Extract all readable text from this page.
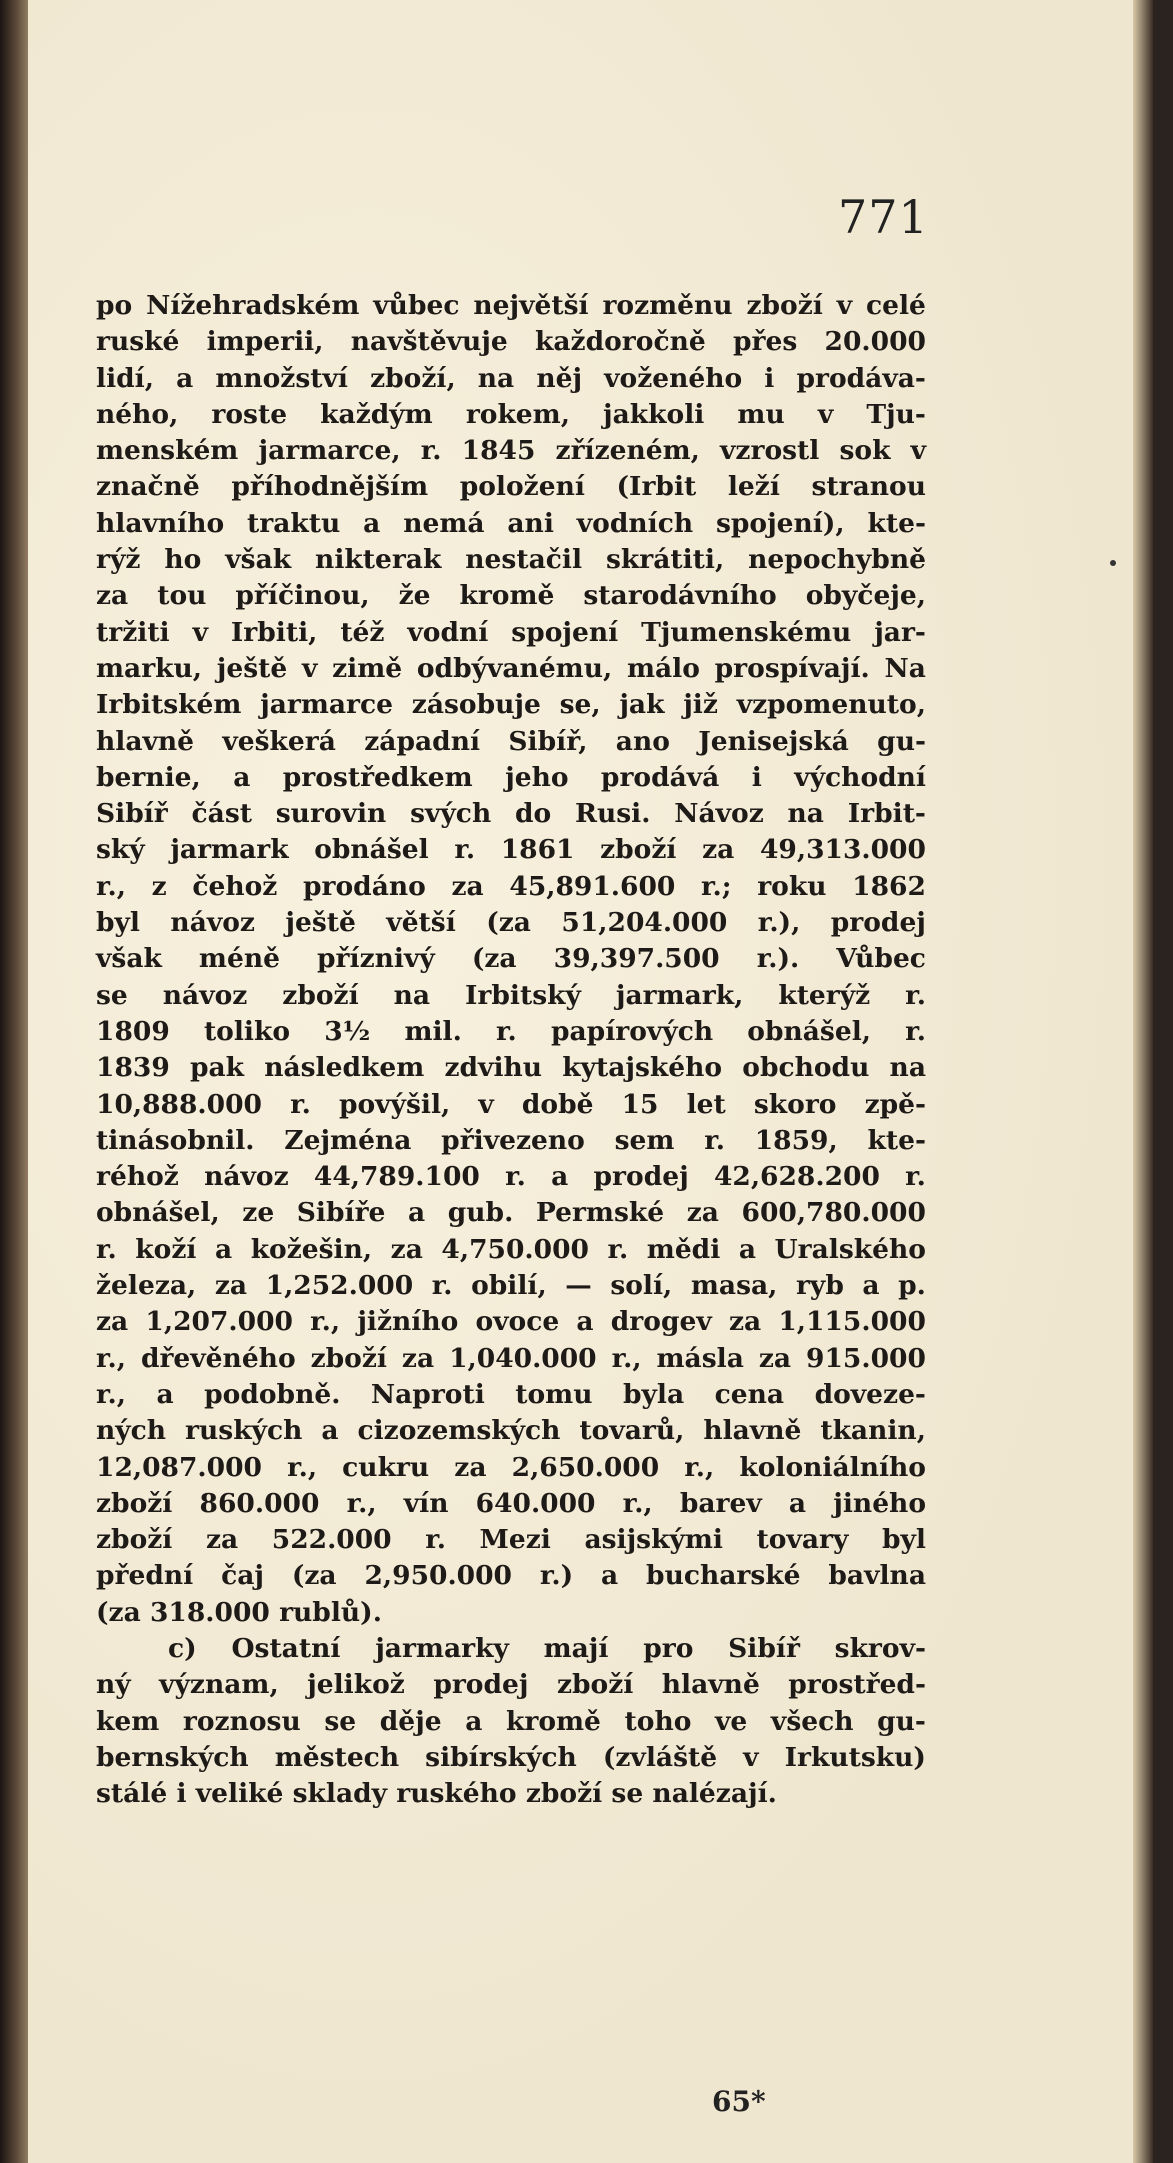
771
po Nížehradském vůbec největší rozměnu zboží v celé
ruské imperii, navštěvuje každoročně přes 20.000
lidí, a množství zboží, na něj voženého i prodáva-
ného, roste každým rokem, jakkoli mu v Tju-
menském jarmarce, r. 1845 zřízeném, vzrostl sok v
značně příhodnějším položení (Irbit leží stranou
hlavního traktu a nemá ani vodních spojení), kte-
rýž ho však nikterak nestačil skrátiti, nepochybně
za tou příčinou, že kromě starodávního obyčeje,
tržiti v Irbiti, též vodní spojení Tjumenskému jar-
marku, ještě v zimě odbývanému, málo prospívají. Na
Irbitském jarmarce zásobuje se, jak již vzpomenuto,
hlavně veškerá západní Sibíř, ano Jenisejská gu-
bernie, a prostředkem jeho prodává i východní
Sibíř část surovin svých do Rusi. Návoz na Irbit-
ský jarmark obnášel r. 1861 zboží za 49,313.000
r., z čehož prodáno za 45,891.600 r.; roku 1862
byl návoz ještě větší (za 51,204.000 r.), prodej
však méně příznivý (za 39,397.500 r.). Vůbec
se návoz zboží na Irbitský jarmark, kterýž r.
1809 toliko 3½ mil. r. papírových obnášel, r.
1839 pak následkem zdvihu kytajského obchodu na
10,888.000 r. povýšil, v době 15 let skoro zpě-
tinásobnil. Zejména přivezeno sem r. 1859, kte-
réhož návoz 44,789.100 r. a prodej 42,628.200 r.
obnášel, ze Sibíře a gub. Permské za 600,780.000
r. koží a kožešin, za 4,750.000 r. mědi a Uralského
železa, za 1,252.000 r. obilí, — solí, masa, ryb a p.
za 1,207.000 r., jižního ovoce a drogev za 1,115.000
r., dřevěného zboží za 1,040.000 r., másla za 915.000
r., a podobně. Naproti tomu byla cena doveze-
ných ruských a cizozemských tovarů, hlavně tkanin,
12,087.000 r., cukru za 2,650.000 r., koloniálního
zboží 860.000 r., vín 640.000 r., barev a jiného
zboží za 522.000 r. Mezi asijskými tovary byl
přední čaj (za 2,950.000 r.) a bucharské bavlna
(za 318.000 rublů).
c) Ostatní jarmarky mají pro Sibíř skrov-
ný význam, jelikož prodej zboží hlavně prostřed-
kem roznosu se děje a kromě toho ve všech gu-
bernských městech sibírských (zvláště v Irkutsku)
stálé i veliké sklady ruského zboží se nalézají.
65*
